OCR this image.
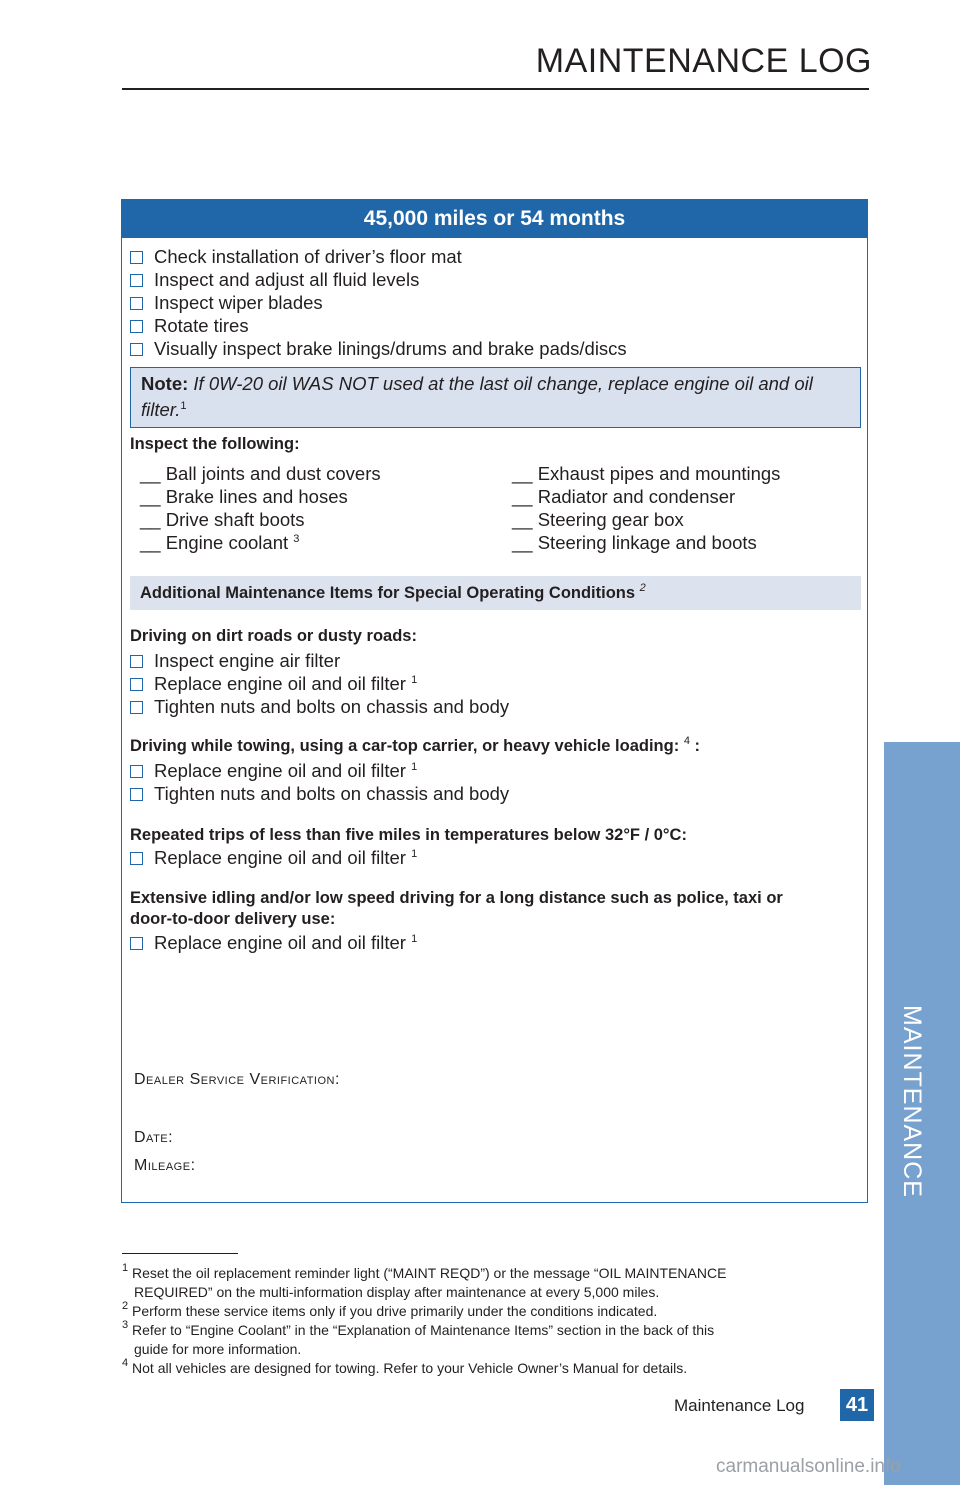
MAINTENANCE LOG
MAINTENANCE
45,000 miles or 54 months
Check installation of driver’s floor mat
Inspect and adjust all fluid levels
Inspect wiper blades
Rotate tires
Visually inspect brake linings/drums and brake pads/discs
Note: If 0W-20 oil WAS NOT used at the last oil change, replace engine oil and oil filter.$^1$
Inspect the following:
__ Ball joints and dust covers
__ Brake lines and hoses
__ Drive shaft boots
__ Engine coolant $^3$
__ Exhaust pipes and mountings
__ Radiator and condenser
__ Steering gear box
__ Steering linkage and boots
Additional Maintenance Items for Special Operating Conditions $^2$
Driving on dirt roads or dusty roads:
Inspect engine air filter
Replace engine oil and oil filter $^1$
Tighten nuts and bolts on chassis and body
Driving while towing, using a car-top carrier, or heavy vehicle loading: $^4$ :
Replace engine oil and oil filter $^1$
Tighten nuts and bolts on chassis and body
Repeated trips of less than five miles in temperatures below 32°F / 0°C:
Replace engine oil and oil filter $^1$
Extensive idling and/or low speed driving for a long distance such as police, taxi or
door-to-door delivery use:
Replace engine oil and oil filter $^1$
Dealer Service Verification:
Date:
Mileage:
$^1$ Reset the oil replacement reminder light (“MAINT REQD”) or the message “OIL MAINTENANCE
REQUIRED” on the multi-information display after maintenance at every 5,000 miles.
$^2$ Perform these service items only if you drive primarily under the conditions indicated.
$^3$ Refer to “Engine Coolant” in the “Explanation of Maintenance Items” section in the back of this
guide for more information.
$^4$ Not all vehicles are designed for towing. Refer to your Vehicle Owner’s Manual for details.
Maintenance Log 41
carmanualsonline.info
